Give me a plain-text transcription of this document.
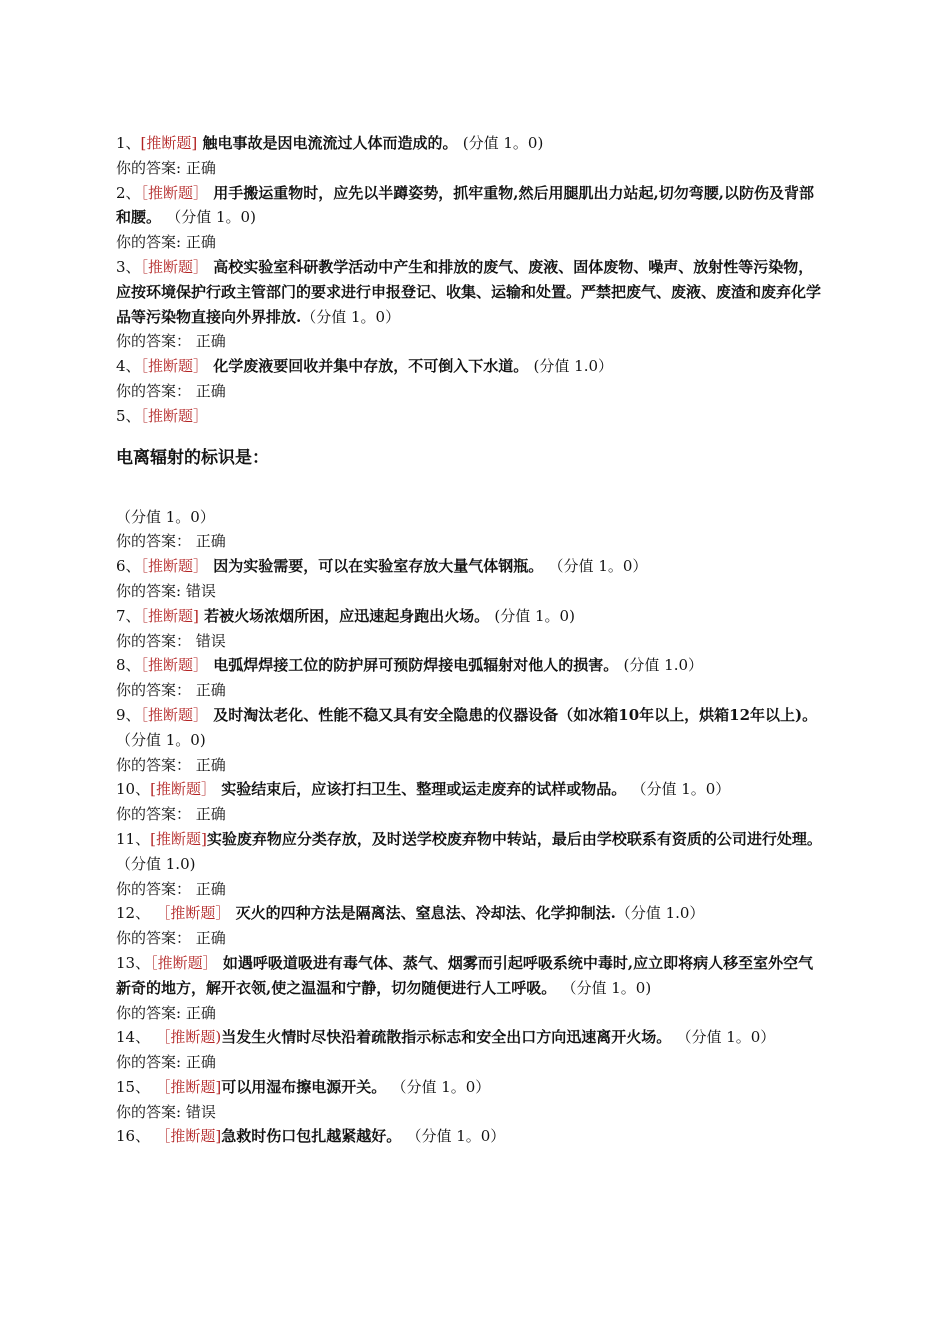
1、[推断题] 触电事故是因电流流过人体而造成的。 (分值 1。0)
你的答案: 正确
2、［推断题］ 用手搬运重物时，应先以半蹲姿势，抓牢重物,然后用腿肌出力站起,切勿弯腰,以防伤及背部和腰。 （分值 1。0)
你的答案: 正确
3、［推断题］ 高校实验室科研教学活动中产生和排放的废气、废液、固体废物、噪声、放射性等污染物，应按环境保护行政主管部门的要求进行申报登记、收集、运输和处置。严禁把废气、废液、废渣和废弃化学品等污染物直接向外界排放.（分值 1。0）
你的答案： 正确
4、［推断题］ 化学废液要回收并集中存放，不可倒入下水道。 (分值 1.0）
你的答案： 正确
5、［推断题］
电离辐射的标识是：
（分值 1。0）
你的答案： 正确
6、［推断题］ 因为实验需要，可以在实验室存放大量气体钢瓶。 （分值 1。0）
你的答案: 错误
7、［推断题] 若被火场浓烟所困，应迅速起身跑出火场。 (分值 1。0)
你的答案： 错误
8、［推断题］ 电弧焊焊接工位的防护屏可预防焊接电弧辐射对他人的损害。 (分值 1.0）
你的答案： 正确
9、［推断题］ 及时淘汰老化、性能不稳又具有安全隐患的仪器设备（如冰箱10年以上，烘箱12年以上)。（分值 1。0)
你的答案： 正确
10、[推断题］ 实验结束后，应该打扫卫生、整理或运走废弃的试样或物品。 （分值 1。0）
你的答案： 正确
11、[推断题]实验废弃物应分类存放，及时送学校废弃物中转站，最后由学校联系有资质的公司进行处理。（分值 1.0)
你的答案： 正确
12、 ［推断题］ 灭火的四种方法是隔离法、窒息法、冷却法、化学抑制法.（分值 1.0）
你的答案： 正确
13、［推断题］ 如遇呼吸道吸进有毒气体、蒸气、烟雾而引起呼吸系统中毒时,应立即将病人移至室外空气新奇的地方，解开衣领,使之温温和宁静，切勿随便进行人工呼吸。 （分值 1。0)
你的答案: 正确
14、 ［推断题)当发生火情时尽快沿着疏散指示标志和安全出口方向迅速离开火场。 （分值 1。0）
你的答案: 正确
15、 ［推断题]可以用湿布擦电源开关。 （分值 1。0）
你的答案: 错误
16、 ［推断题]急救时伤口包扎越紧越好。 （分值 1。0）
